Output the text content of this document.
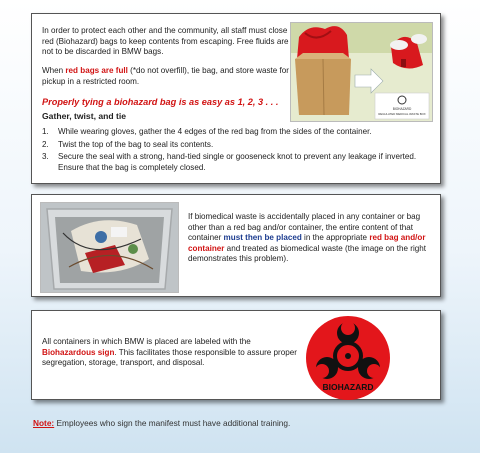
In order to protect each other and the community, all staff must close red (Biohazard) bags to keep contents from escaping. Free fluids are not to be discarded in BMW bags.
When red bags are full (*do not overfill), tie bag, and store waste for pickup in a restricted room.
Properly tying a biohazard bag is as easy as 1, 2, 3 . . .
Gather, twist, and tie
1. While wearing gloves, gather the 4 edges of the red bag from the sides of the container.
2. Twist the top of the bag to seal its contents.
3. Secure the seal with a strong, hand-tied single or gooseneck knot to prevent any leakage if inverted. Ensure that the bag is completely closed.
BIOHAZARD
REGULATED MEDICAL WASTE BOX
If biomedical waste is accidentally placed in any container or bag other than a red bag and/or container, the entire content of that container must then be placed in the appropriate red bag and/or container and treated as biomedical waste (the image on the right demonstrates this problem).
All containers in which BMW is placed are labeled with the Biohazardous sign. This facilitates those responsible to assure proper segregation, storage, transport, and disposal.
BIOHAZARD
Note: Employees who sign the manifest must have additional training.
